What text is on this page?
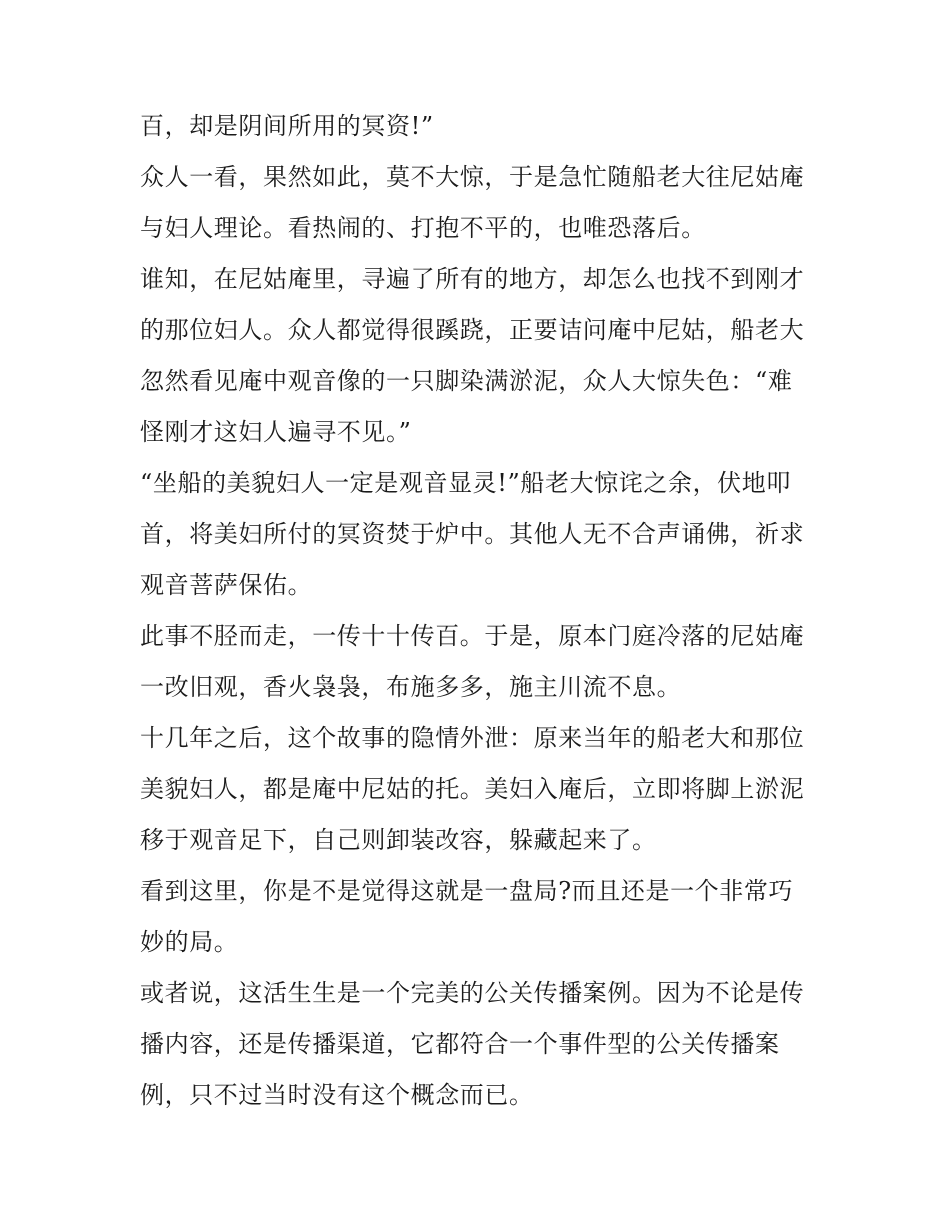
百，却是阴间所用的冥资!”
众人一看，果然如此，莫不大惊，于是急忙随船老大往尼姑庵
与妇人理论。看热闹的、打抱不平的，也唯恐落后。
谁知，在尼姑庵里，寻遍了所有的地方，却怎么也找不到刚才
的那位妇人。众人都觉得很蹊跷，正要诘问庵中尼姑，船老大
忽然看见庵中观音像的一只脚染满淤泥，众人大惊失色：“难
怪刚才这妇人遍寻不见。”
“坐船的美貌妇人一定是观音显灵!”船老大惊诧之余，伏地叩
首，将美妇所付的冥资焚于炉中。其他人无不合声诵佛，祈求
观音菩萨保佑。
此事不胫而走，一传十十传百。于是，原本门庭冷落的尼姑庵
一改旧观，香火袅袅，布施多多，施主川流不息。
十几年之后，这个故事的隐情外泄：原来当年的船老大和那位
美貌妇人，都是庵中尼姑的托。美妇入庵后，立即将脚上淤泥
移于观音足下，自己则卸装改容，躲藏起来了。
看到这里，你是不是觉得这就是一盘局?而且还是一个非常巧
妙的局。
或者说，这活生生是一个完美的公关传播案例。因为不论是传
播内容，还是传播渠道，它都符合一个事件型的公关传播案
例，只不过当时没有这个概念而已。
